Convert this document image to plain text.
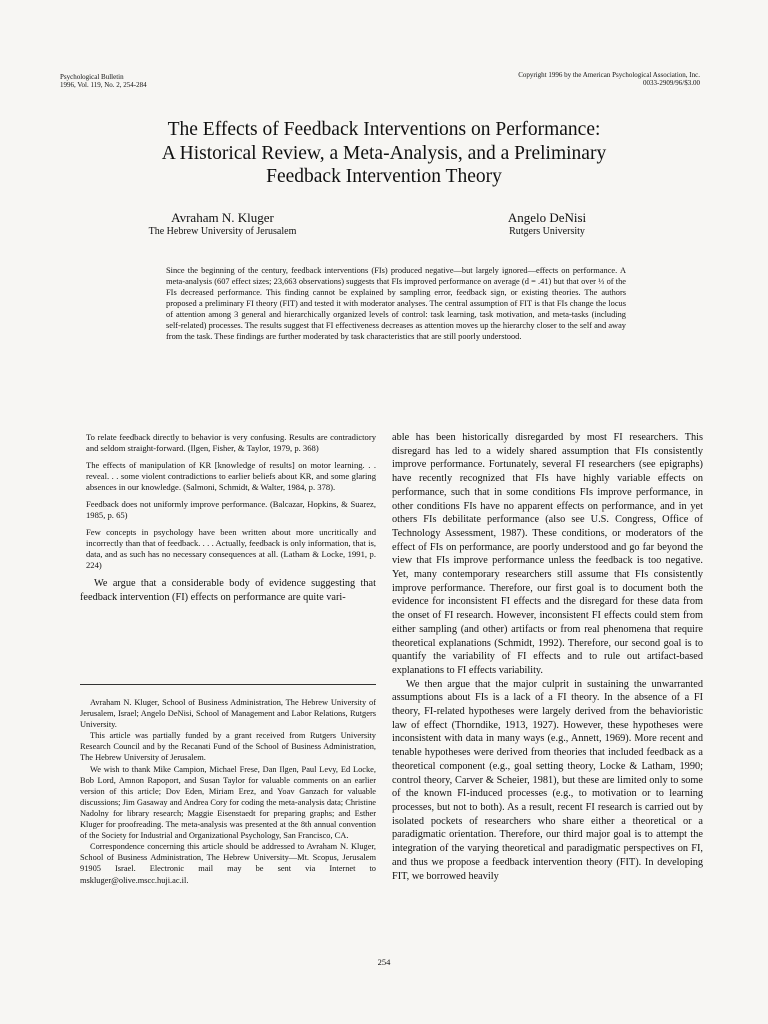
Psychological Bulletin
1996, Vol. 119, No. 2, 254-284
Copyright 1996 by the American Psychological Association, Inc.
0033-2909/96/$3.00
The Effects of Feedback Interventions on Performance:
A Historical Review, a Meta-Analysis, and a Preliminary
Feedback Intervention Theory
Avraham N. Kluger
The Hebrew University of Jerusalem
Angelo DeNisi
Rutgers University
Since the beginning of the century, feedback interventions (FIs) produced negative—but largely ignored—effects on performance. A meta-analysis (607 effect sizes; 23,663 observations) suggests that FIs improved performance on average (d = .41) but that over ⅓ of the FIs decreased performance. This finding cannot be explained by sampling error, feedback sign, or existing theories. The authors proposed a preliminary FI theory (FIT) and tested it with moderator analyses. The central assumption of FIT is that FIs change the locus of attention among 3 general and hierarchically organized levels of control: task learning, task motivation, and meta-tasks (including self-related) processes. The results suggest that FI effectiveness decreases as attention moves up the hierarchy closer to the self and away from the task. These findings are further moderated by task characteristics that are still poorly understood.

To relate feedback directly to behavior is very confusing. Results are contradictory and seldom straight-forward. (Ilgen, Fisher, & Taylor, 1979, p. 368)

The effects of manipulation of KR [knowledge of results] on motor learning. . . reveal. . . some violent contradictions to earlier beliefs about KR, and some glaring absences in our knowledge. (Salmoni, Schmidt, & Walter, 1984, p. 378).

Feedback does not uniformly improve performance. (Balcazar, Hopkins, & Suarez, 1985, p. 65)

Few concepts in psychology have been written about more uncritically and incorrectly than that of feedback. . . . Actually, feedback is only information, that is, data, and as such has no necessary consequences at all. (Latham & Locke, 1991, p. 224)

We argue that a considerable body of evidence suggesting that feedback intervention (FI) effects on performance are quite vari-

Avraham N. Kluger, School of Business Administration, The Hebrew University of Jerusalem, Israel; Angelo DeNisi, School of Management and Labor Relations, Rutgers University.

This article was partially funded by a grant received from Rutgers University Research Council and by the Recanati Fund of the School of Business Administration, The Hebrew University of Jerusalem.

We wish to thank Mike Campion, Michael Frese, Dan Ilgen, Paul Levy, Ed Locke, Bob Lord, Amnon Rapoport, and Susan Taylor for valuable comments on an earlier version of this article; Dov Eden, Miriam Erez, and Yoav Ganzach for valuable discussions; Jim Gasaway and Andrea Cory for coding the meta-analysis data; Christine Nadolny for library research; Maggie Eisenstaedt for preparing graphs; and Esther Kluger for proofreading. The meta-analysis was presented at the 8th annual convention of the Society for Industrial and Organizational Psychology, San Francisco, CA.

Correspondence concerning this article should be addressed to Avraham N. Kluger, School of Business Administration, The Hebrew University—Mt. Scopus, Jerusalem 91905 Israel. Electronic mail may be sent via Internet to mskluger@olive.mscc.huji.ac.il.

able has been historically disregarded by most FI researchers. This disregard has led to a widely shared assumption that FIs consistently improve performance. Fortunately, several FI researchers (see epigraphs) have recently recognized that FIs have highly variable effects on performance, such that in some conditions FIs improve performance, in other conditions FIs have no apparent effects on performance, and in yet others FIs debilitate performance (also see U.S. Congress, Office of Technology Assessment, 1987). These conditions, or moderators of the effect of FIs on performance, are poorly understood and go far beyond the view that FIs improve performance unless the feedback is too negative. Yet, many contemporary researchers still assume that FIs consistently improve performance. Therefore, our first goal is to document both the evidence for inconsistent FI effects and the disregard for these data from the onset of FI research. However, inconsistent FI effects could stem from either sampling (and other) artifacts or from real phenomena that require theoretical explanations (Schmidt, 1992). Therefore, our second goal is to quantify the variability of FI effects and to rule out artifact-based explanations to FI effects variability.

We then argue that the major culprit in sustaining the unwarranted assumptions about FIs is a lack of a FI theory. In the absence of a FI theory, FI-related hypotheses were largely derived from the behavioristic law of effect (Thorndike, 1913, 1927). However, these hypotheses were inconsistent with data in many ways (e.g., Annett, 1969). More recent and tenable hypotheses were derived from theories that included feedback as a theoretical component (e.g., goal setting theory, Locke & Latham, 1990; control theory, Carver & Scheier, 1981), but these are limited only to some of the known FI-induced processes (e.g., to motivation or to learning processes, but not to both). As a result, recent FI research is carried out by isolated pockets of researchers who share either a theoretical or a paradigmatic orientation. Therefore, our third major goal is to attempt the integration of the varying theoretical and paradigmatic perspectives on FI, and thus we propose a feedback intervention theory (FIT). In developing FIT, we borrowed heavily

254
